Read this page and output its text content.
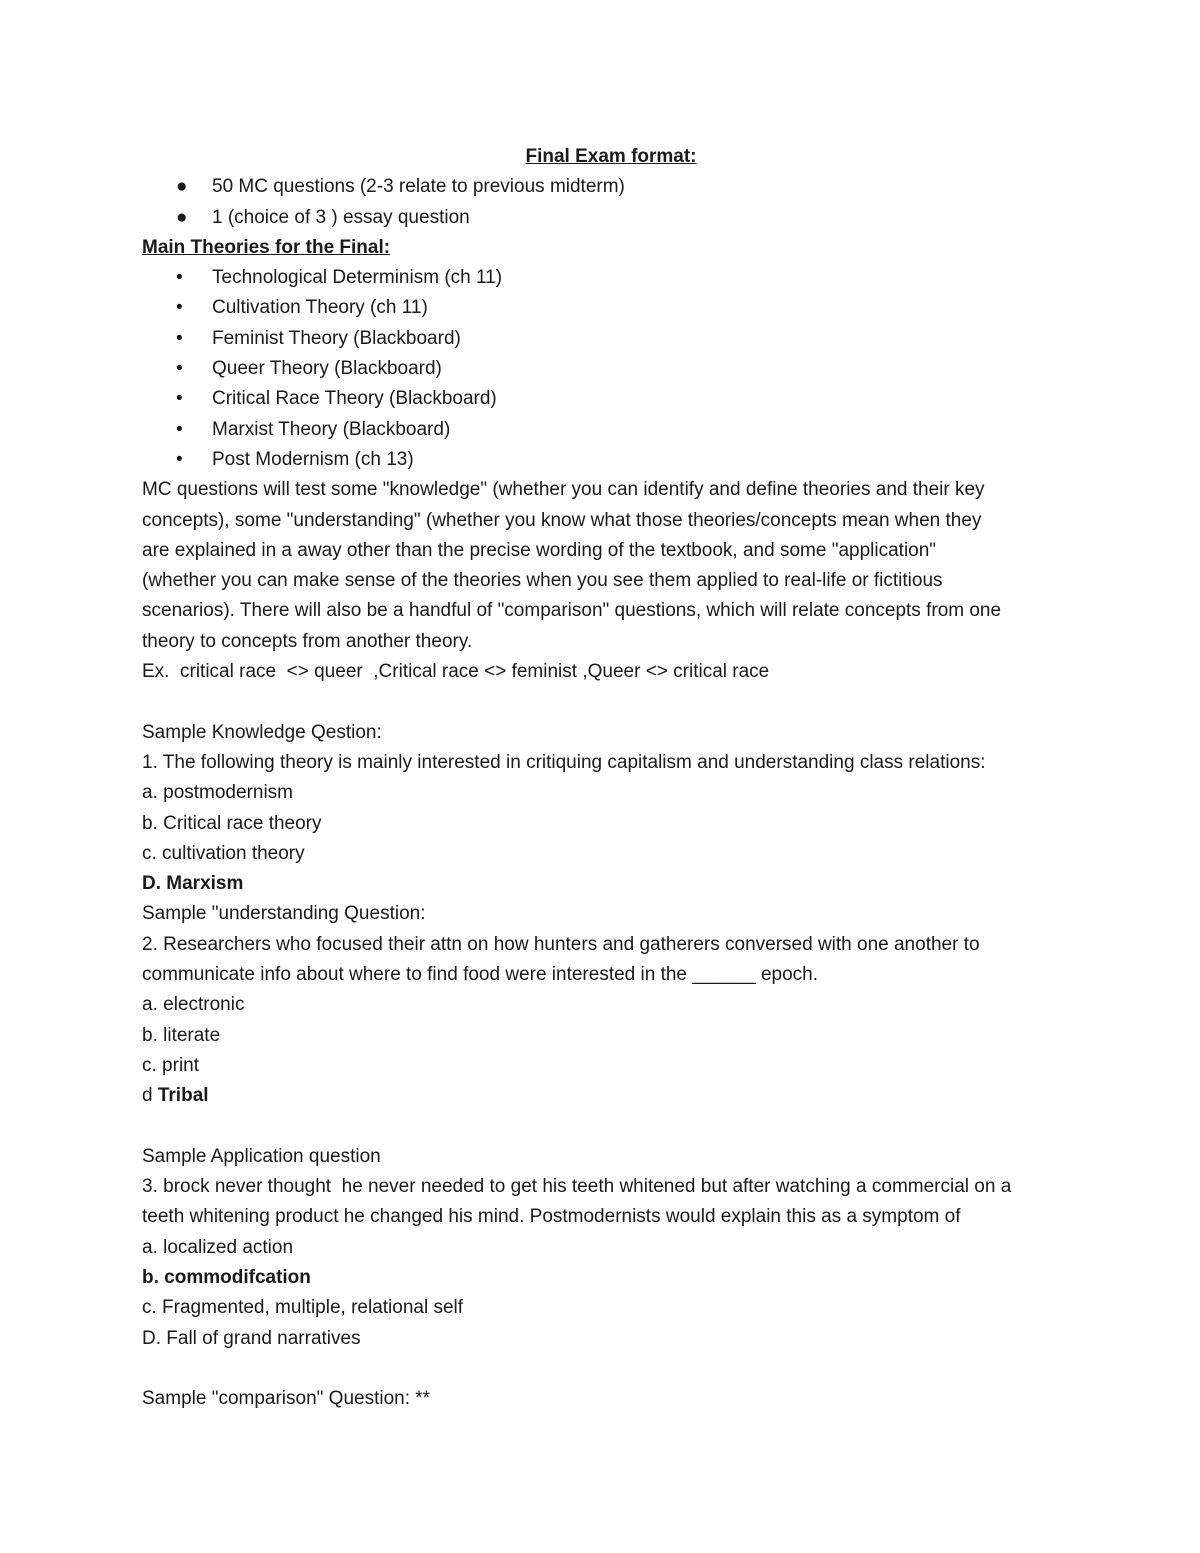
Final Exam format:
● 50 MC questions (2-3 relate to previous midterm)
● 1 (choice of 3 ) essay question
Main Theories for the Final:
• Technological Determinism (ch 11)
• Cultivation Theory (ch 11)
• Feminist Theory (Blackboard)
• Queer Theory (Blackboard)
• Critical Race Theory (Blackboard)
• Marxist Theory (Blackboard)
• Post Modernism (ch 13)
MC questions will test some "knowledge" (whether you can identify and define theories and their key
concepts), some "understanding" (whether you know what those theories/concepts mean when they
are explained in a away other than the precise wording of the textbook, and some "application"
(whether you can make sense of the theories when you see them applied to real-life or fictitious
scenarios). There will also be a handful of "comparison" questions, which will relate concepts from one
theory to concepts from another theory.
Ex.  critical race  <> queer  ,Critical race <> feminist ,Queer <> critical race
Sample Knowledge Qestion:
1. The following theory is mainly interested in critiquing capitalism and understanding class relations:
a. postmodernism
b. Critical race theory
c. cultivation theory
D. Marxism
Sample "understanding Question:
2. Researchers who focused their attn on how hunters and gatherers conversed with one another to
communicate info about where to find food were interested in the ______ epoch.
a. electronic
b. literate
c. print
d Tribal
Sample Application question
3. brock never thought  he never needed to get his teeth whitened but after watching a commercial on a
teeth whitening product he changed his mind. Postmodernists would explain this as a symptom of
a. localized action
b. commodifcation
c. Fragmented, multiple, relational self
D. Fall of grand narratives
Sample "comparison" Question: **
